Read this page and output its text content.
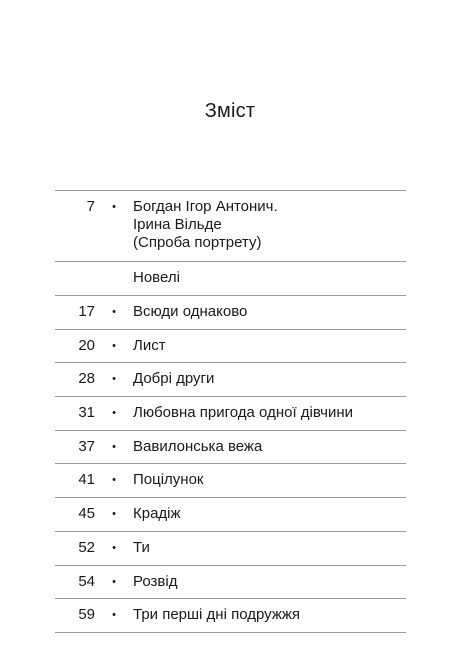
Зміст
7	•	Богдан Ігор Антонич.
Ірина Вільде
(Спроба портрету)
Новелі
17	•	Всюди однаково
20	•	Лист
28	•	Добрі други
31	•	Любовна пригода одної дівчини
37	•	Вавилонська вежа
41	•	Поцілунок
45	•	Крадіж
52	•	Ти
54	•	Розвід
59	•	Три перші дні подружжя
